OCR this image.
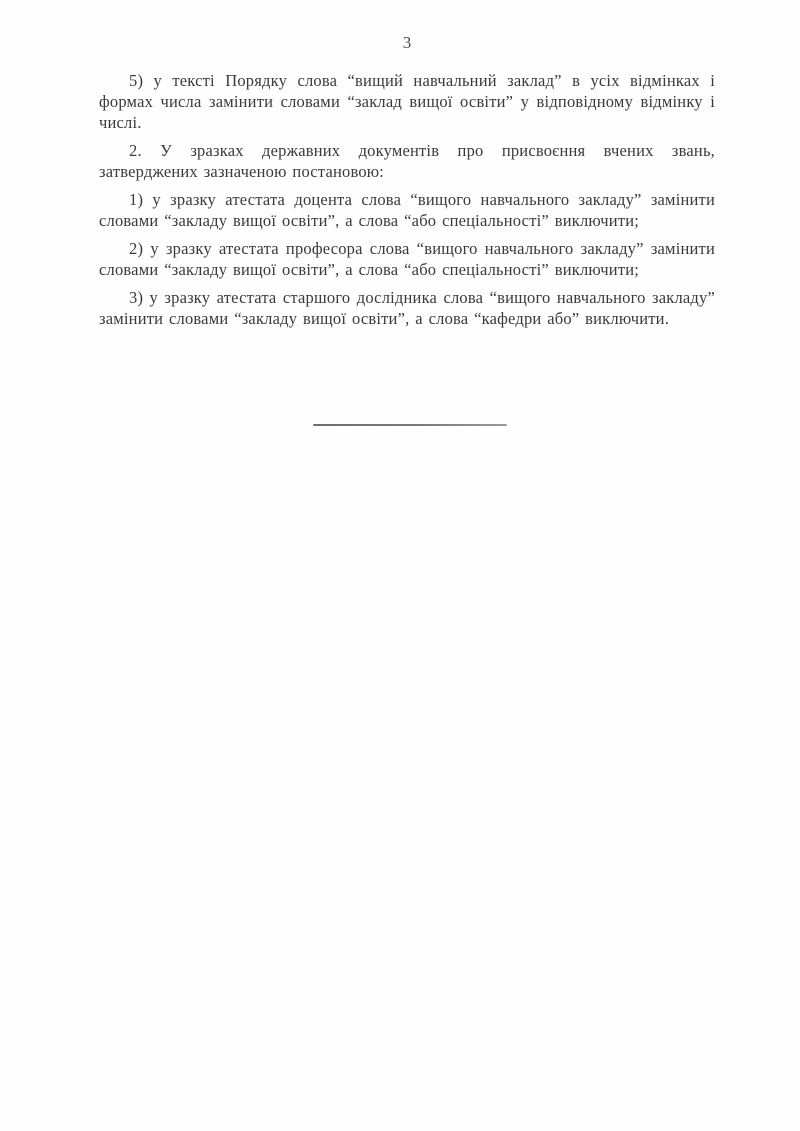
3

5) у тексті Порядку слова “вищий навчальний заклад” в усіх відмінках і формах числа замінити словами “заклад вищої освіти” у відповідному відмінку і числі.

2. У зразках державних документів про присвоєння вчених звань, затверджених зазначеною постановою:

1) у зразку атестата доцента слова “вищого навчального закладу” замінити словами “закладу вищої освіти”, а слова “або спеціальності” виключити;

2) у зразку атестата професора слова “вищого навчального закладу” замінити словами “закладу вищої освіти”, а слова “або спеціальності” виключити;

3) у зразку атестата старшого дослідника слова “вищого навчального закладу” замінити словами “закладу вищої освіти”, а слова “кафедри або” виключити.
